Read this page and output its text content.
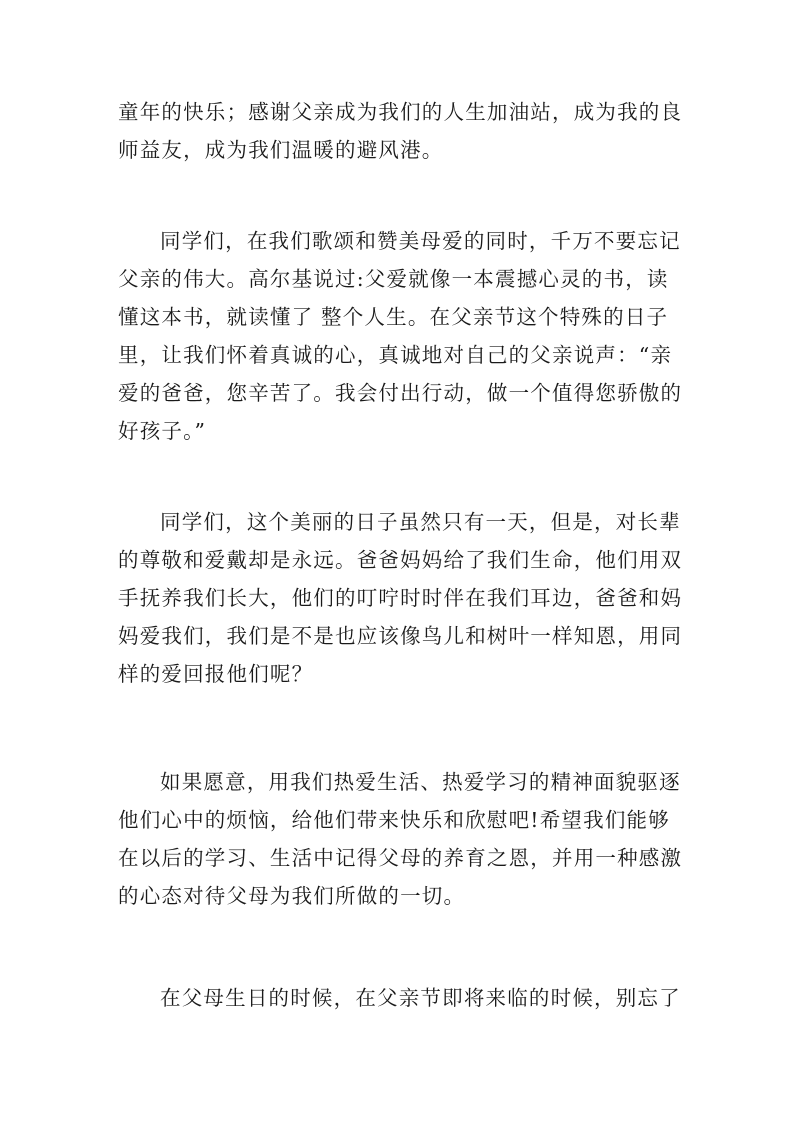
童年的快乐；感谢父亲成为我们的人生加油站，成为我的良
师益友，成为我们温暖的避风港。
同学们，在我们歌颂和赞美母爱的同时，千万不要忘记
父亲的伟大。高尔基说过:父爱就像一本震撼心灵的书，读
懂这本书，就读懂了 整个人生。在父亲节这个特殊的日子
里，让我们怀着真诚的心，真诚地对自己的父亲说声：“亲
爱的爸爸，您辛苦了。我会付出行动，做一个值得您骄傲的
好孩子。”
同学们，这个美丽的日子虽然只有一天，但是，对长辈
的尊敬和爱戴却是永远。爸爸妈妈给了我们生命，他们用双
手抚养我们长大，他们的叮咛时时伴在我们耳边，爸爸和妈
妈爱我们，我们是不是也应该像鸟儿和树叶一样知恩，用同
样的爱回报他们呢？
如果愿意，用我们热爱生活、热爱学习的精神面貌驱逐
他们心中的烦恼，给他们带来快乐和欣慰吧!希望我们能够
在以后的学习、生活中记得父母的养育之恩，并用一种感激
的心态对待父母为我们所做的一切。
在父母生日的时候，在父亲节即将来临的时候，别忘了
